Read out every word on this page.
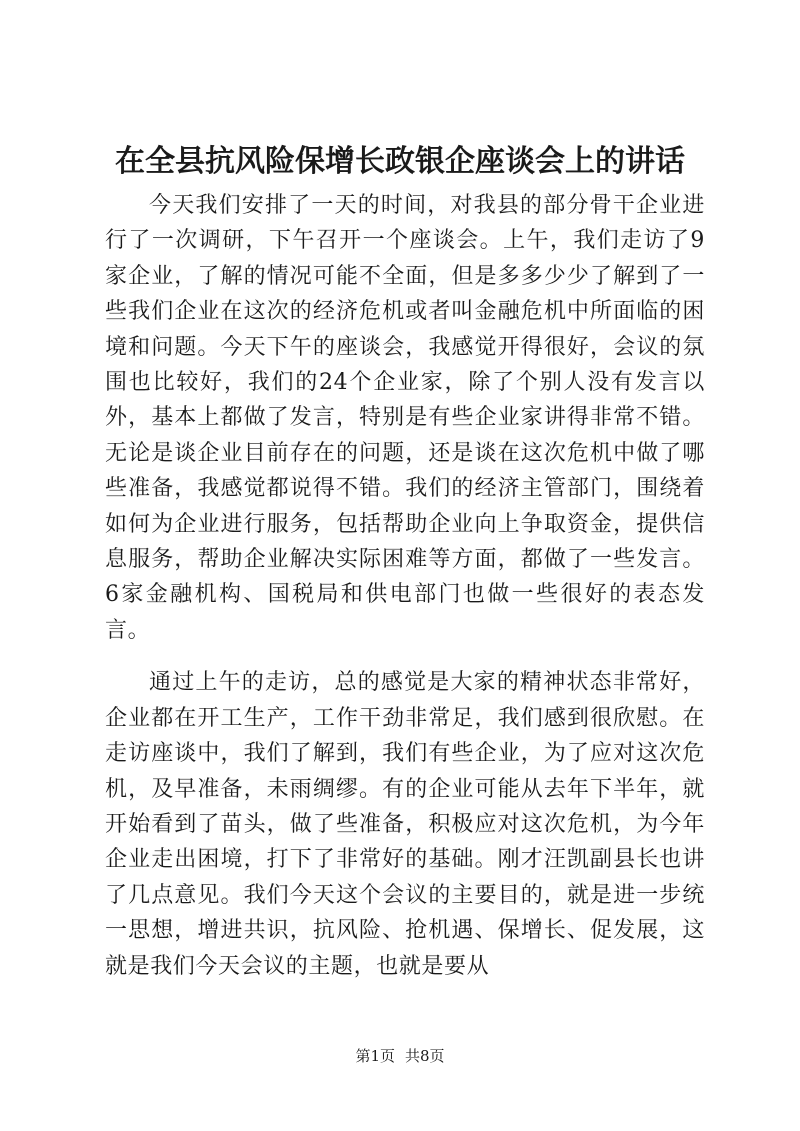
在全县抗风险保增长政银企座谈会上的讲话

今天我们安排了一天的时间，对我县的部分骨干企业进行了一次调研，下午召开一个座谈会。上午，我们走访了9家企业，了解的情况可能不全面，但是多多少少了解到了一些我们企业在这次的经济危机或者叫金融危机中所面临的困境和问题。今天下午的座谈会，我感觉开得很好，会议的氛围也比较好，我们的24个企业家，除了个别人没有发言以外，基本上都做了发言，特别是有些企业家讲得非常不错。无论是谈企业目前存在的问题，还是谈在这次危机中做了哪些准备，我感觉都说得不错。我们的经济主管部门，围绕着如何为企业进行服务，包括帮助企业向上争取资金，提供信息服务，帮助企业解决实际困难等方面，都做了一些发言。6家金融机构、国税局和供电部门也做一些很好的表态发言。

通过上午的走访，总的感觉是大家的精神状态非常好，企业都在开工生产，工作干劲非常足，我们感到很欣慰。在走访座谈中，我们了解到，我们有些企业，为了应对这次危机，及早准备，未雨绸缪。有的企业可能从去年下半年，就开始看到了苗头，做了些准备，积极应对这次危机，为今年企业走出困境，打下了非常好的基础。刚才汪凯副县长也讲了几点意见。我们今天这个会议的主要目的，就是进一步统一思想，增进共识，抗风险、抢机遇、保增长、促发展，这就是我们今天会议的主题，也就是要从

第1页 共8页
